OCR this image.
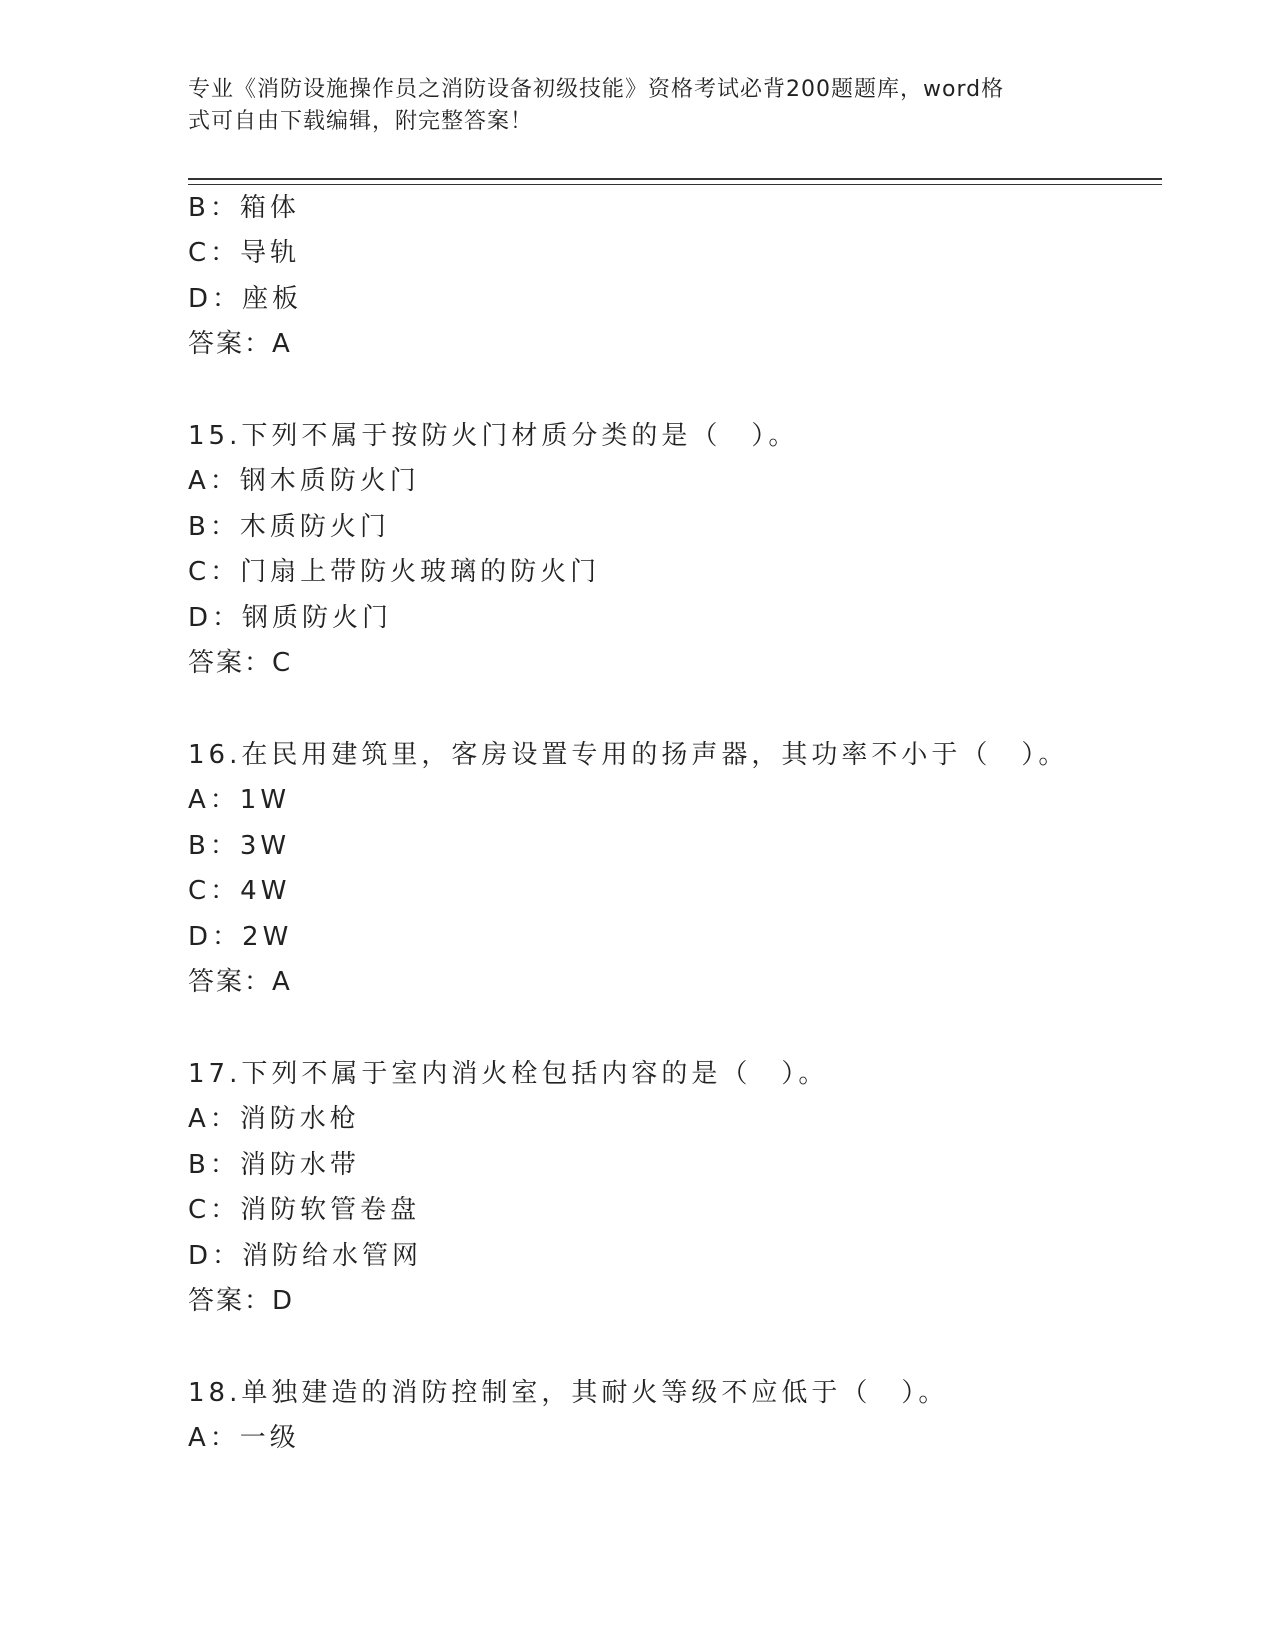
专业《消防设施操作员之消防设备初级技能》资格考试必背200题题库，word格
式可自由下载编辑，附完整答案！
B：箱体
C：导轨
D：座板
答案：A
15.下列不属于按防火门材质分类的是（　）。
A：钢木质防火门
B：木质防火门
C：门扇上带防火玻璃的防火门
D：钢质防火门
答案：C
16.在民用建筑里，客房设置专用的扬声器，其功率不小于（　）。
A：1W
B：3W
C：4W
D：2W
答案：A
17.下列不属于室内消火栓包括内容的是（　）。
A：消防水枪
B：消防水带
C：消防软管卷盘
D：消防给水管网
答案：D
18.单独建造的消防控制室，其耐火等级不应低于（　）。
A：一级
